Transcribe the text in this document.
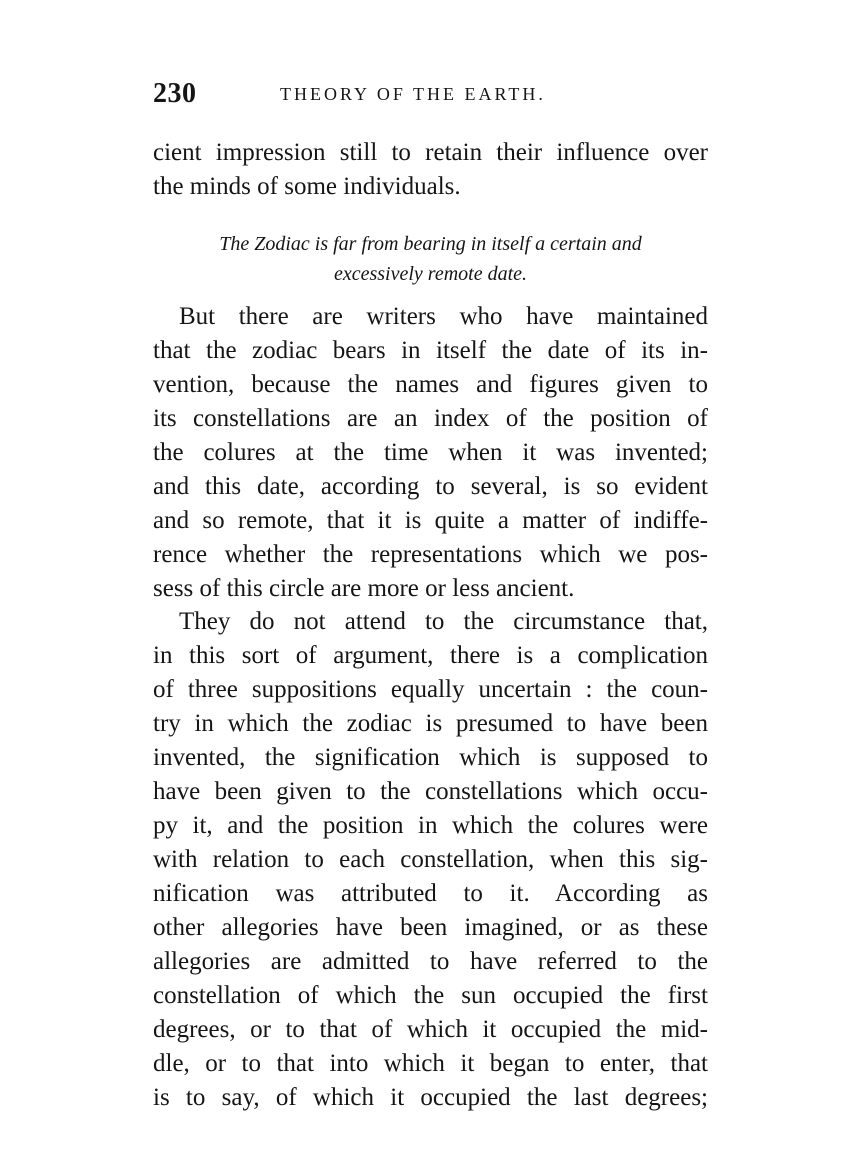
230	THEORY OF THE EARTH.
cient impression still to retain their influence over
the minds of some individuals.
The Zodiac is far from bearing in itself a certain and
excessively remote date.
But there are writers who have maintained
that the zodiac bears in itself the date of its in-
vention, because the names and figures given to
its constellations are an index of the position of
the colures at the time when it was invented;
and this date, according to several, is so evident
and so remote, that it is quite a matter of indiffe-
rence whether the representations which we pos-
sess of this circle are more or less ancient.
They do not attend to the circumstance that,
in this sort of argument, there is a complication
of three suppositions equally uncertain : the coun-
try in which the zodiac is presumed to have been
invented, the signification which is supposed to
have been given to the constellations which occu-
py it, and the position in which the colures were
with relation to each constellation, when this sig-
nification was attributed to it. According as
other allegories have been imagined, or as these
allegories are admitted to have referred to the
constellation of which the sun occupied the first
degrees, or to that of which it occupied the mid-
dle, or to that into which it began to enter, that
is to say, of which it occupied the last degrees;
